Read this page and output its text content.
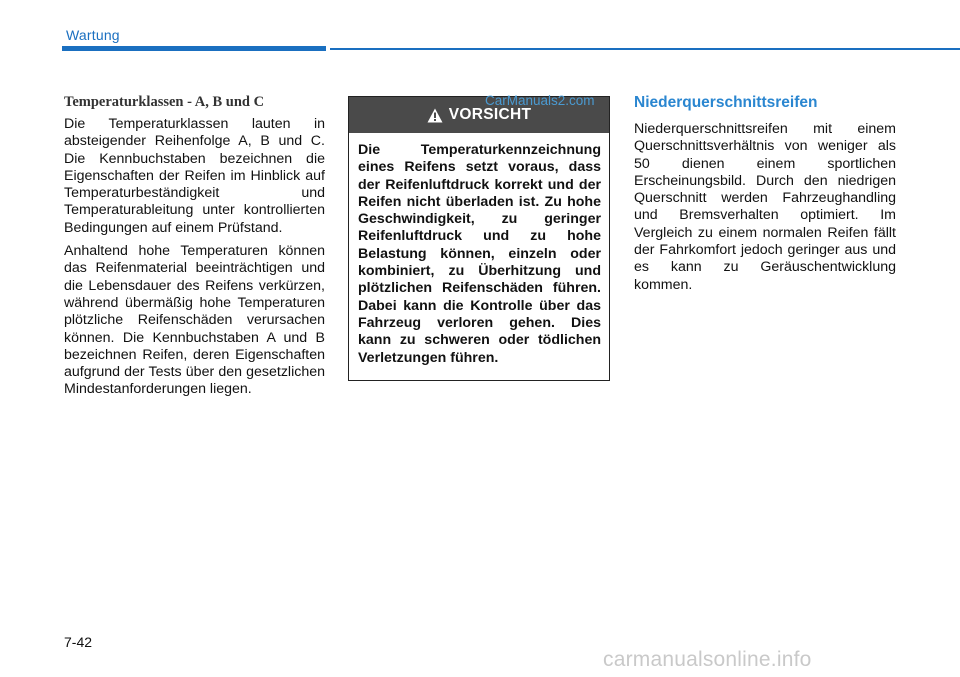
Wartung
Temperaturklassen - A, B und C

Die Temperaturklassen lauten in absteigender Reihenfolge A, B und C. Die Kennbuchstaben bezeichnen die Eigenschaften der Reifen im Hinblick auf Temperaturbeständigkeit und Temperaturableitung unter kontrollierten Bedingungen auf einem Prüfstand.

Anhaltend hohe Temperaturen können das Reifenmaterial beeinträchtigen und die Lebensdauer des Reifens verkürzen, während übermäßig hohe Temperaturen plötzliche Reifenschäden verursachen können. Die Kennbuchstaben A und B bezeichnen Reifen, deren Eigenschaften aufgrund der Tests über den gesetzlichen Mindestanforderungen liegen.

VORSICHT

Die Temperaturkennzeichnung eines Reifens setzt voraus, dass der Reifenluftdruck korrekt und der Reifen nicht überladen ist. Zu hohe Geschwindigkeit, zu geringer Reifenluftdruck und zu hohe Belastung können, einzeln oder kombiniert, zu Überhitzung und plötzlichen Reifenschäden führen. Dabei kann die Kontrolle über das Fahrzeug verloren gehen. Dies kann zu schweren oder tödlichen Verletzungen führen.

CarManuals2.com	Niederquerschnittsreifen

Niederquerschnittsreifen mit einem Querschnittsverhältnis von weniger als 50 dienen einem sportlichen Erscheinungsbild. Durch den niedrigen Querschnitt werden Fahrzeughandling und Bremsverhalten optimiert. Im Vergleich zu einem normalen Reifen fällt der Fahrkomfort jedoch geringer aus und es kann zu Geräuschentwicklung kommen.

7-42
carmanualsonline.info
